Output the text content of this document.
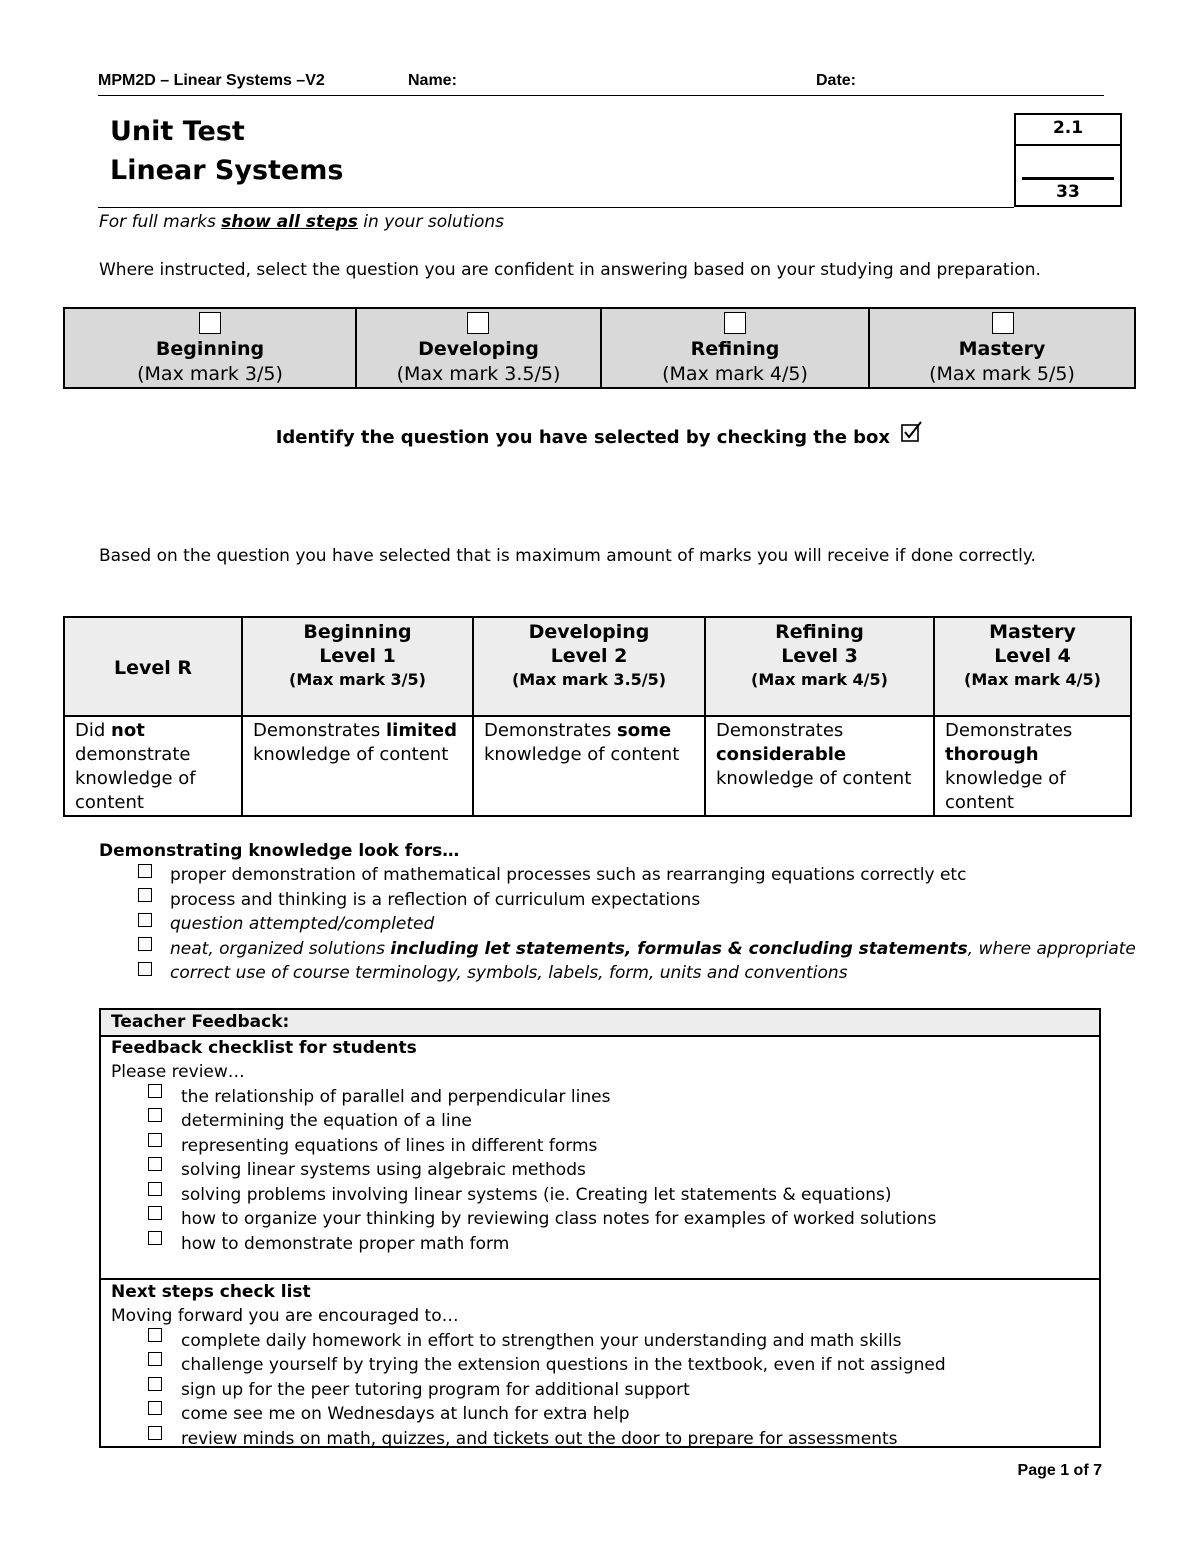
MPM2D – Linear Systems –V2	Name:	Date:
Unit Test
Linear Systems
2.1
33
For full marks show all steps in your solutions
Where instructed, select the question you are confident in answering based on your studying and preparation.
Beginning
(Max mark 3/5)	
Developing
(Max mark 3.5/5)	
Refining
(Max mark 4/5)	
Mastery
(Max mark 5/5)
Identify the question you have selected by checking the box
Based on the question you have selected that is maximum amount of marks you will receive if done correctly.
Level R	Beginning
Level 1
(Max mark 3/5)	Developing
Level 2
(Max mark 3.5/5)	Refining
Level 3
(Max mark 4/5)	Mastery
Level 4
(Max mark 4/5)
Did not demonstrate knowledge of content	Demonstrates limited knowledge of content	Demonstrates some knowledge of content	Demonstrates
considerable knowledge of content	Demonstrates
thorough knowledge of content
Demonstrating knowledge look fors…
proper demonstration of mathematical processes such as rearranging equations correctly etc
process and thinking is a reflection of curriculum expectations
question attempted/completed
neat, organized solutions including let statements, formulas & concluding statements, where appropriate
correct use of course terminology, symbols, labels, form, units and conventions
Teacher Feedback:
Feedback checklist for students
Please review…
the relationship of parallel and perpendicular lines
determining the equation of a line
representing equations of lines in different forms
solving linear systems using algebraic methods
solving problems involving linear systems (ie. Creating let statements & equations)
how to organize your thinking by reviewing class notes for examples of worked solutions
how to demonstrate proper math form
Next steps check list
Moving forward you are encouraged to…
complete daily homework in effort to strengthen your understanding and math skills
challenge yourself by trying the extension questions in the textbook, even if not assigned
sign up for the peer tutoring program for additional support
come see me on Wednesdays at lunch for extra help
review minds on math, quizzes, and tickets out the door to prepare for assessments
Page 1 of 7
